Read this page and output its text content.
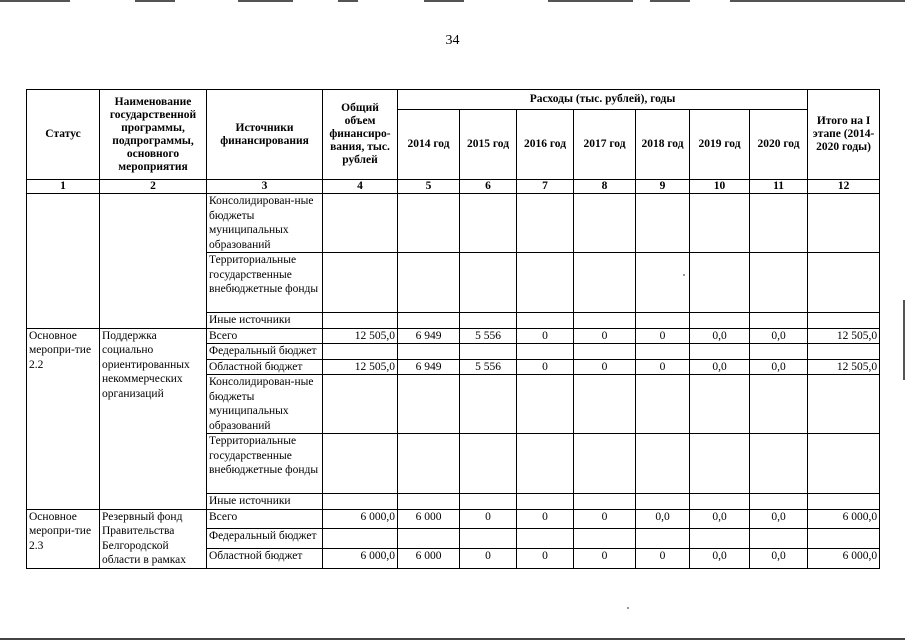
34
Статус	Наименование государственной программы, подпрограммы, основного мероприятия	Источники финансирования	Общий объем финансиро-вания, тыс. рублей	Расходы (тыс. рублей), годы							Итого на I этапе (2014-2020 годы)
				2014 год	2015 год	2016 год	2017 год	2018 год	2019 год	2020 год	
1	2	3	4	5	6	7	8	9	10	11	12
		Консолидирован-ные бюджеты муниципальных образований									
		Территориальные государственные внебюджетные фонды									
		Иные источники									
Основное меропри-тие 2.2	Поддержка социально ориентированных некоммерческих организаций	Всего	12 505,0	6 949	5 556	0	0	0	0,0	0,0	12 505,0
		Федеральный бюджет									
		Областной бюджет	12 505,0	6 949	5 556	0	0	0	0,0	0,0	12 505,0
		Консолидирован-ные бюджеты муниципальных образований									
		Территориальные государственные внебюджетные фонды									
		Иные источники									
Основное меропри-тие 2.3	Резервный фонд Правительства Белгородской области в рамках	Всего	6 000,0	6 000	0	0	0	0,0	0,0	0,0	6 000,0
		Федеральный бюджет									
		Областной бюджет	6 000,0	6 000	0	0	0	0	0,0	0,0	6 000,0
